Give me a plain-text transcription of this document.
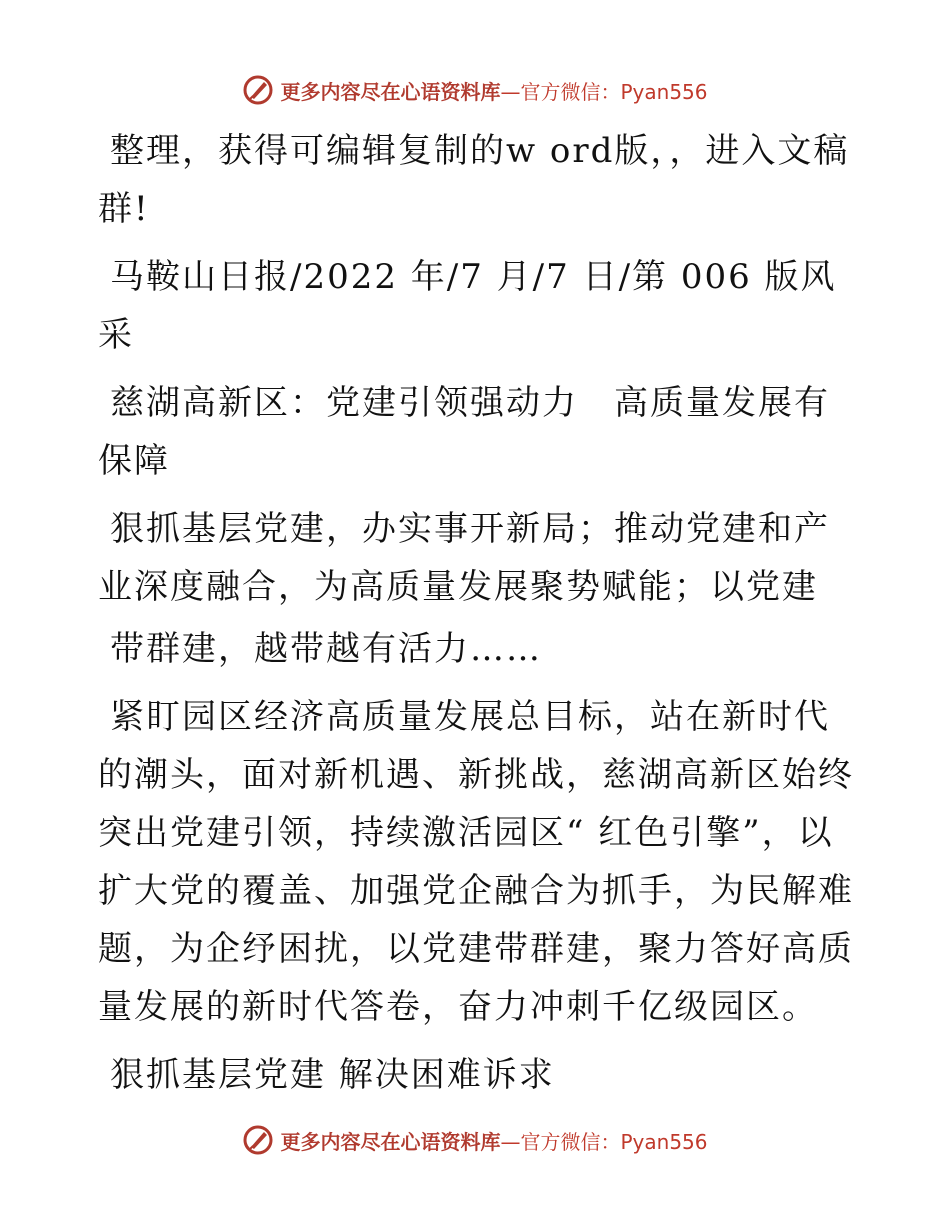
更多内容尽在心语资料库—官方微信：Pyan556

整理，获得可编辑复制的w ord版，，进入文稿群!

马鞍山日报/2022 年/7 月/7 日/第 006 版风采

慈湖高新区：党建引领强动力　高质量发展有保障

狠抓基层党建，办实事开新局；推动党建和产业深度融合，为高质量发展聚势赋能；以党建

带群建，越带越有活力……

紧盯园区经济高质量发展总目标，站在新时代的潮头，面对新机遇、新挑战，慈湖高新区始终突出党建引领，持续激活园区“ 红色引擎”，以扩大党的覆盖、加强党企融合为抓手，为民解难题，为企纾困扰，以党建带群建，聚力答好高质量发展的新时代答卷，奋力冲刺千亿级园区。

狠抓基层党建 解决困难诉求

更多内容尽在心语资料库—官方微信：Pyan556
